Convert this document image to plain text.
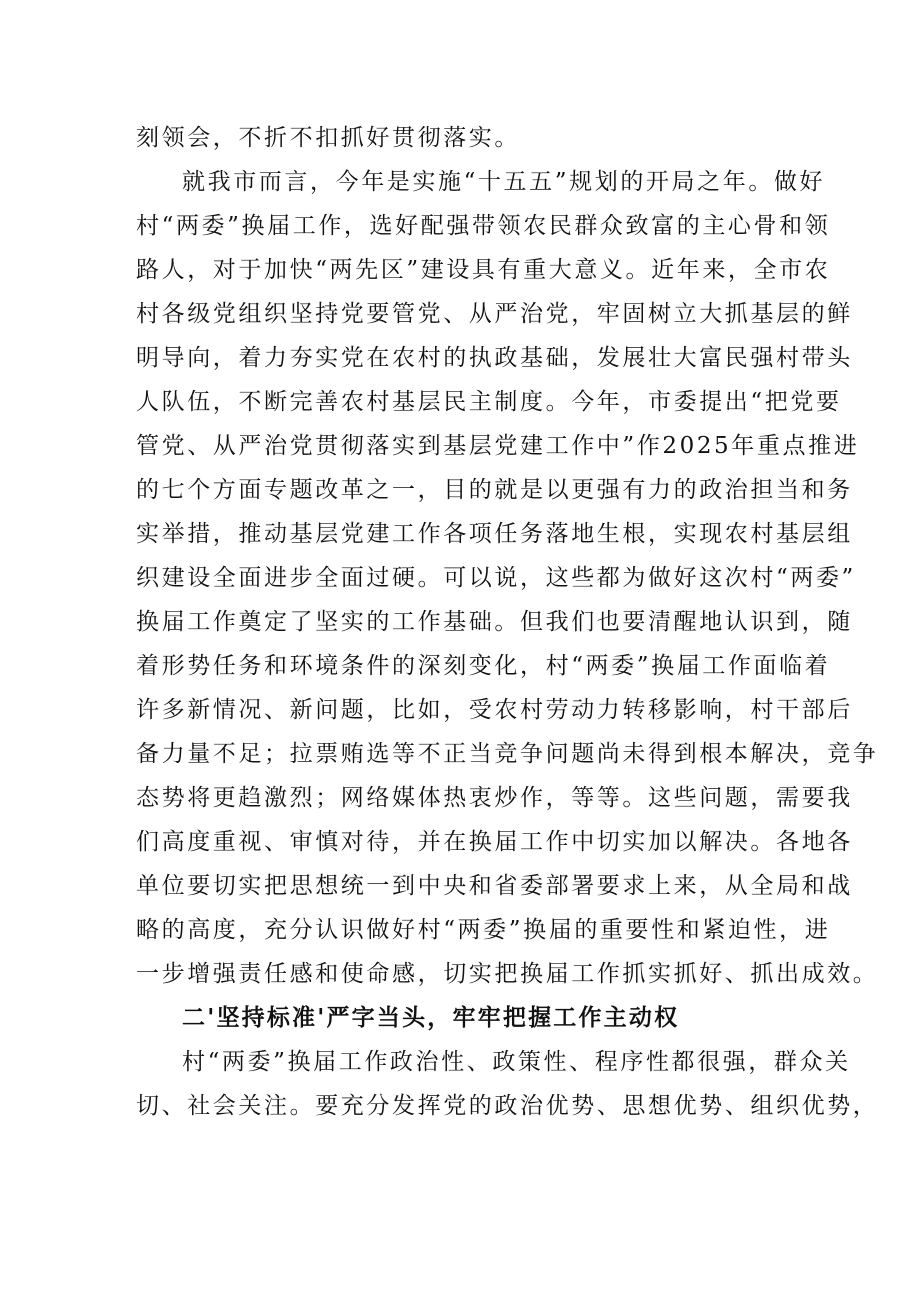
刻领会，不折不扣抓好贯彻落实。
就我市而言，今年是实施“十五五”规划的开局之年。做好
村“两委”换届工作，选好配强带领农民群众致富的主心骨和领
路人，对于加快“两先区”建设具有重大意义。近年来，全市农
村各级党组织坚持党要管党、从严治党，牢固树立大抓基层的鲜
明导向，着力夯实党在农村的执政基础，发展壮大富民强村带头
人队伍，不断完善农村基层民主制度。今年，市委提出“把党要
管党、从严治党贯彻落实到基层党建工作中”作2025年重点推进
的七个方面专题改革之一，目的就是以更强有力的政治担当和务
实举措，推动基层党建工作各项任务落地生根，实现农村基层组
织建设全面进步全面过硬。可以说，这些都为做好这次村“两委”
换届工作奠定了坚实的工作基础。但我们也要清醒地认识到，随
着形势任务和环境条件的深刻变化，村“两委”换届工作面临着
许多新情况、新问题，比如，受农村劳动力转移影响，村干部后
备力量不足；拉票贿选等不正当竞争问题尚未得到根本解决，竞争
态势将更趋激烈；网络媒体热衷炒作，等等。这些问题，需要我
们高度重视、审慎对待，并在换届工作中切实加以解决。各地各
单位要切实把思想统一到中央和省委部署要求上来，从全局和战
略的高度，充分认识做好村“两委”换届的重要性和紧迫性，进
一步增强责任感和使命感，切实把换届工作抓实抓好、抓出成效。
二'坚持标准'严字当头，牢牢把握工作主动权
村“两委”换届工作政治性、政策性、程序性都很强，群众关
切、社会关注。要充分发挥党的政治优势、思想优势、组织优势，
